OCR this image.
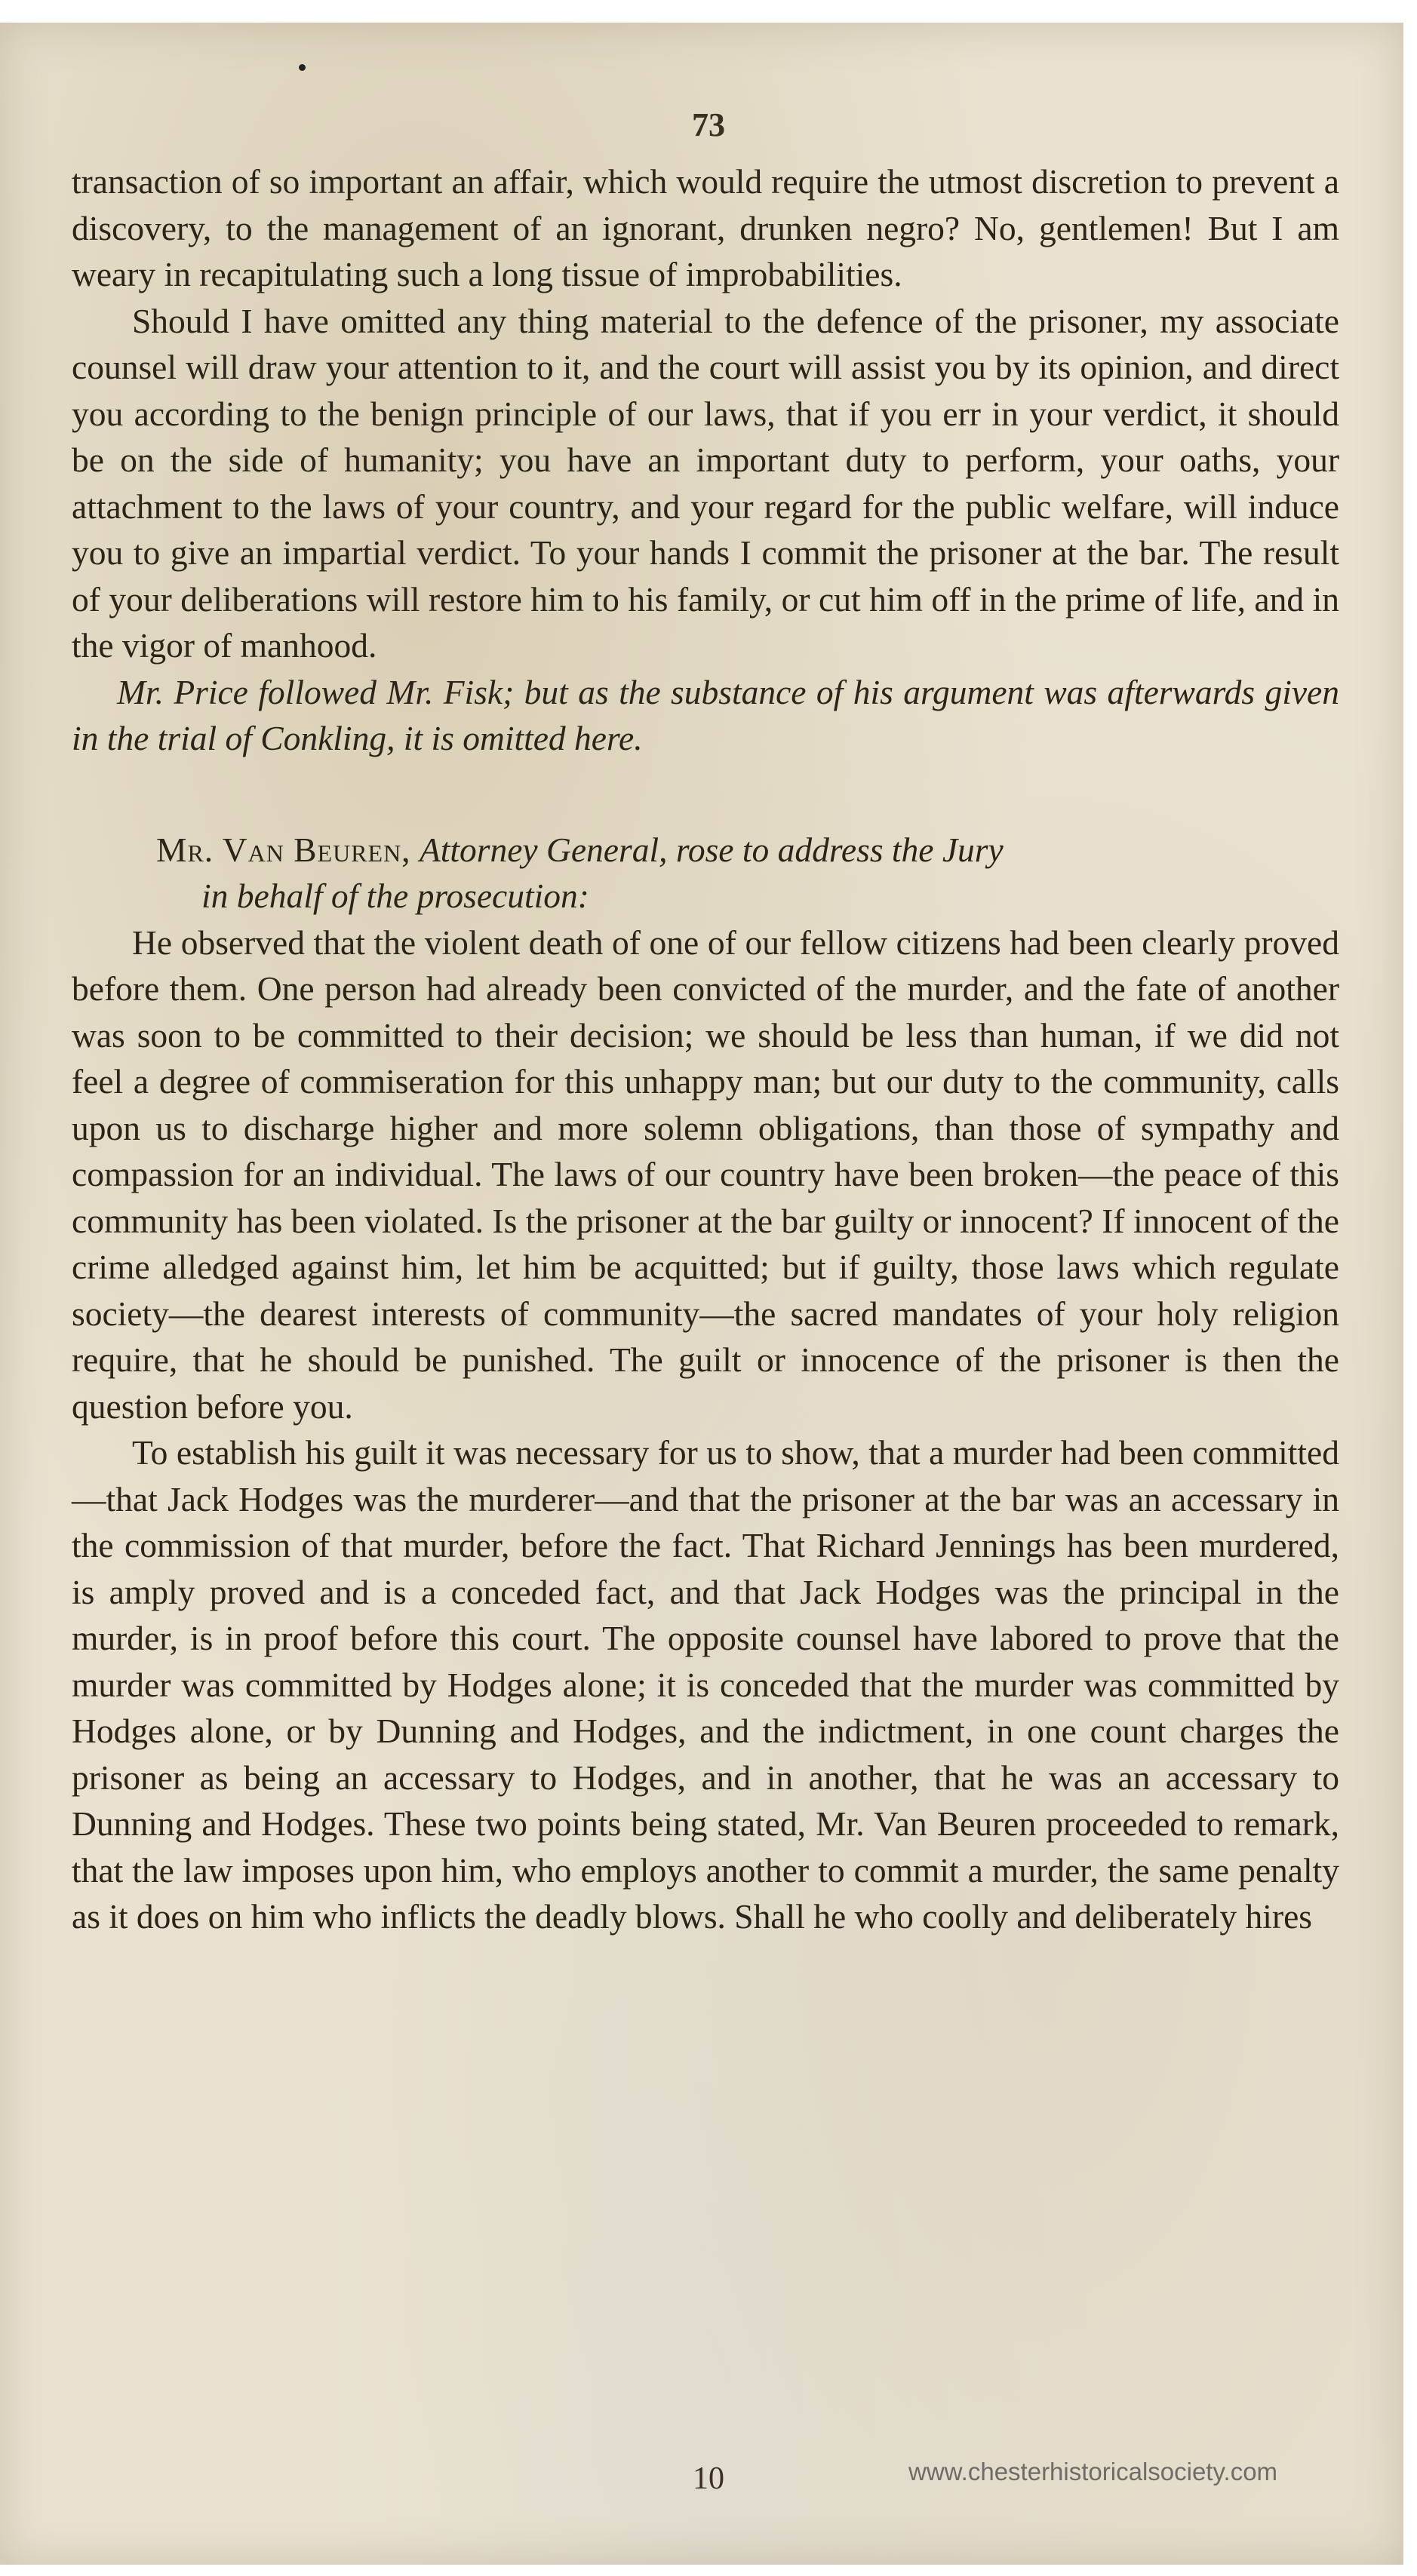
73

transaction of so important an affair, which would require the utmost discretion to prevent a discovery, to the management of an ignorant, drunken negro? No, gentlemen! But I am weary in recapitulating such a long tissue of improbabilities.

Should I have omitted any thing material to the defence of the prisoner, my associate counsel will draw your attention to it, and the court will assist you by its opinion, and direct you according to the benign principle of our laws, that if you err in your verdict, it should be on the side of humanity; you have an important duty to perform, your oaths, your attachment to the laws of your country, and your regard for the public welfare, will induce you to give an impartial verdict. To your hands I commit the prisoner at the bar. The result of your deliberations will restore him to his family, or cut him off in the prime of life, and in the vigor of manhood.

Mr. Price followed Mr. Fisk; but as the substance of his argument was afterwards given in the trial of Conkling, it is omitted here.

Mr. Van Beuren, Attorney General, rose to address the Jury
in behalf of the prosecution:

He observed that the violent death of one of our fellow citizens had been clearly proved before them. One person had already been convicted of the murder, and the fate of another was soon to be committed to their decision; we should be less than human, if we did not feel a degree of commiseration for this unhappy man; but our duty to the community, calls upon us to discharge higher and more solemn obligations, than those of sympathy and compassion for an individual. The laws of our country have been broken—the peace of this community has been violated. Is the prisoner at the bar guilty or innocent? If innocent of the crime alledged against him, let him be acquitted; but if guilty, those laws which regulate society—the dearest interests of community—the sacred mandates of your holy religion require, that he should be punished. The guilt or innocence of the prisoner is then the question before you.

To establish his guilt it was necessary for us to show, that a murder had been committed—that Jack Hodges was the murderer—and that the prisoner at the bar was an accessary in the commission of that murder, before the fact. That Richard Jennings has been murdered, is amply proved and is a conceded fact, and that Jack Hodges was the principal in the murder, is in proof before this court. The opposite counsel have labored to prove that the murder was committed by Hodges alone; it is conceded that the murder was committed by Hodges alone, or by Dunning and Hodges, and the indictment, in one count charges the prisoner as being an accessary to Hodges, and in another, that he was an accessary to Dunning and Hodges. These two points being stated, Mr. Van Beuren proceeded to remark, that the law imposes upon him, who employs another to commit a murder, the same penalty as it does on him who inflicts the deadly blows. Shall he who coolly and deliberately hires

10	www.chesterhistoricalsociety.com
